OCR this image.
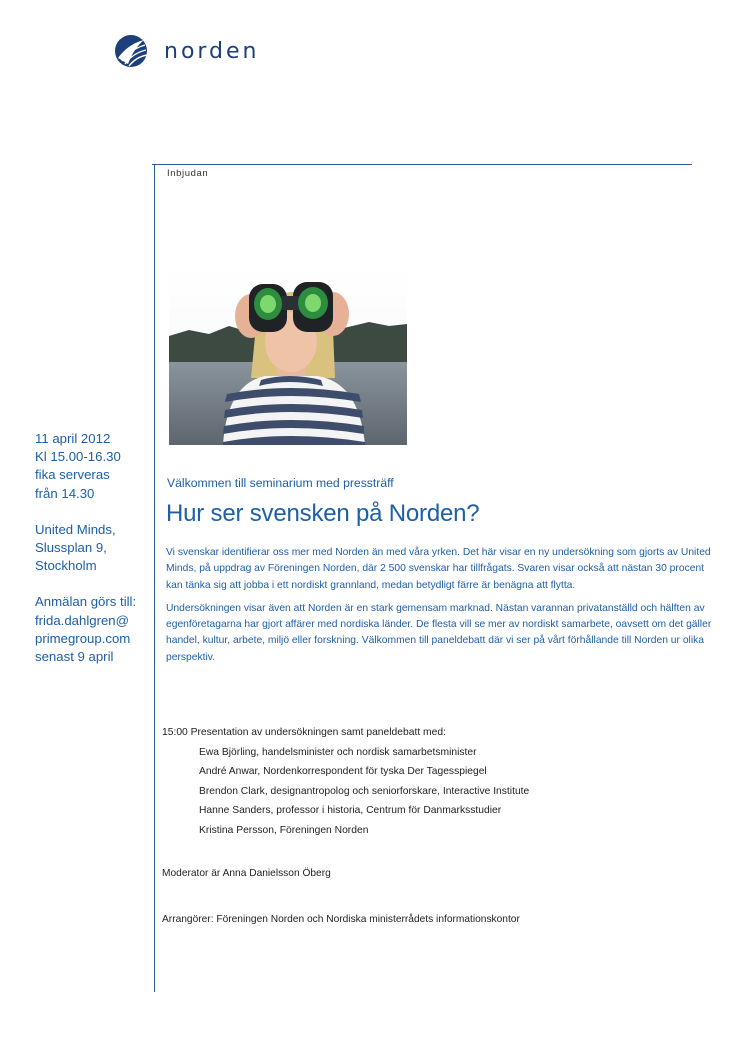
norden
Inbjudan

11 april 2012
Kl 15.00-16.30
fika serveras
från 14.30

United Minds,
Slussplan 9,
Stockholm

Anmälan görs till:
frida.dahlgren@
primegroup.com
senast 9 april

Välkommen till seminarium med pressträff
Hur ser svensken på Norden?

Vi svenskar identifierar oss mer med Norden än med våra yrken. Det här visar en ny undersökning som gjorts av United Minds, på uppdrag av Föreningen Norden, där 2 500 svenskar har tillfrågats. Svaren visar också att nästan 30 procent kan tänka sig att jobba i ett nordiskt grannland, medan betydligt färre är benägna att flytta.

Undersökningen visar även att Norden är en stark gemensam marknad. Nästan varannan privatanställd och hälften av egenföretagarna har gjort affärer med nordiska länder. De flesta vill se mer av nordiskt samarbete, oavsett om det gäller handel, kultur, arbete, miljö eller forskning. Välkommen till paneldebatt där vi ser på vårt förhållande till Norden ur olika perspektiv.

15:00 Presentation av undersökningen samt paneldebatt med:

Ewa Björling, handelsminister och nordisk samarbetsminister
André Anwar, Nordenkorrespondent för tyska Der Tagesspiegel
Brendon Clark, designantropolog och seniorforskare, Interactive Institute
Hanne Sanders, professor i historia, Centrum för Danmarksstudier
Kristina Persson, Föreningen Norden
Moderator är Anna Danielsson Öberg
Arrangörer: Föreningen Norden och Nordiska ministerrådets informationskontor
